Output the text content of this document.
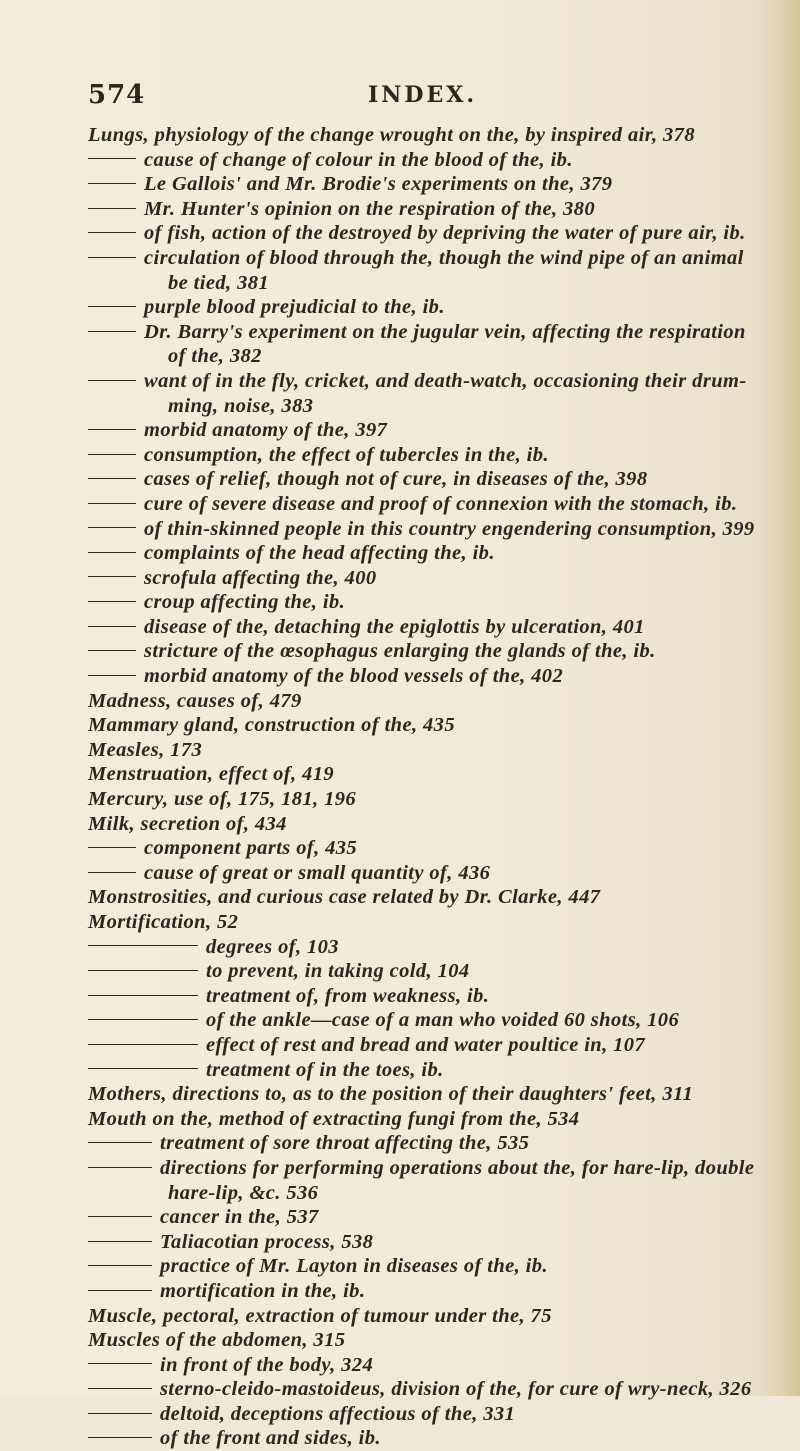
574	INDEX.
Lungs, physiology of the change wrought on the, by inspired air, 378
cause of change of colour in the blood of the, ib.
Le Gallois' and Mr. Brodie's experiments on the, 379
Mr. Hunter's opinion on the respiration of the, 380
of fish, action of the destroyed by depriving the water of pure air, ib.
circulation of blood through the, though the wind pipe of an animal
be tied, 381
purple blood prejudicial to the, ib.
Dr. Barry's experiment on the jugular vein, affecting the respiration
of the, 382
want of in the fly, cricket, and death-watch, occasioning their drum-
ming, noise, 383
morbid anatomy of the, 397
consumption, the effect of tubercles in the, ib.
cases of relief, though not of cure, in diseases of the, 398
cure of severe disease and proof of connexion with the stomach, ib.
of thin-skinned people in this country engendering consumption, 399
complaints of the head affecting the, ib.
scrofula affecting the, 400
croup affecting the, ib.
disease of the, detaching the epiglottis by ulceration, 401
stricture of the œsophagus enlarging the glands of the, ib.
morbid anatomy of the blood vessels of the, 402
Madness, causes of, 479
Mammary gland, construction of the, 435
Measles, 173
Menstruation, effect of, 419
Mercury, use of, 175, 181, 196
Milk, secretion of, 434
component parts of, 435
cause of great or small quantity of, 436
Monstrosities, and curious case related by Dr. Clarke, 447
Mortification, 52
degrees of, 103
to prevent, in taking cold, 104
treatment of, from weakness, ib.
of the ankle—case of a man who voided 60 shots, 106
effect of rest and bread and water poultice in, 107
treatment of in the toes, ib.
Mothers, directions to, as to the position of their daughters' feet, 311
Mouth on the, method of extracting fungi from the, 534
treatment of sore throat affecting the, 535
directions for performing operations about the, for hare-lip, double
hare-lip, &c. 536
cancer in the, 537
Taliacotian process, 538
practice of Mr. Layton in diseases of the, ib.
mortification in the, ib.
Muscle, pectoral, extraction of tumour under the, 75
Muscles of the abdomen, 315
in front of the body, 324
sterno-cleido-mastoideus, division of the, for cure of wry-neck, 326
deltoid, deceptions affectious of the, 331
of the front and sides, ib.
